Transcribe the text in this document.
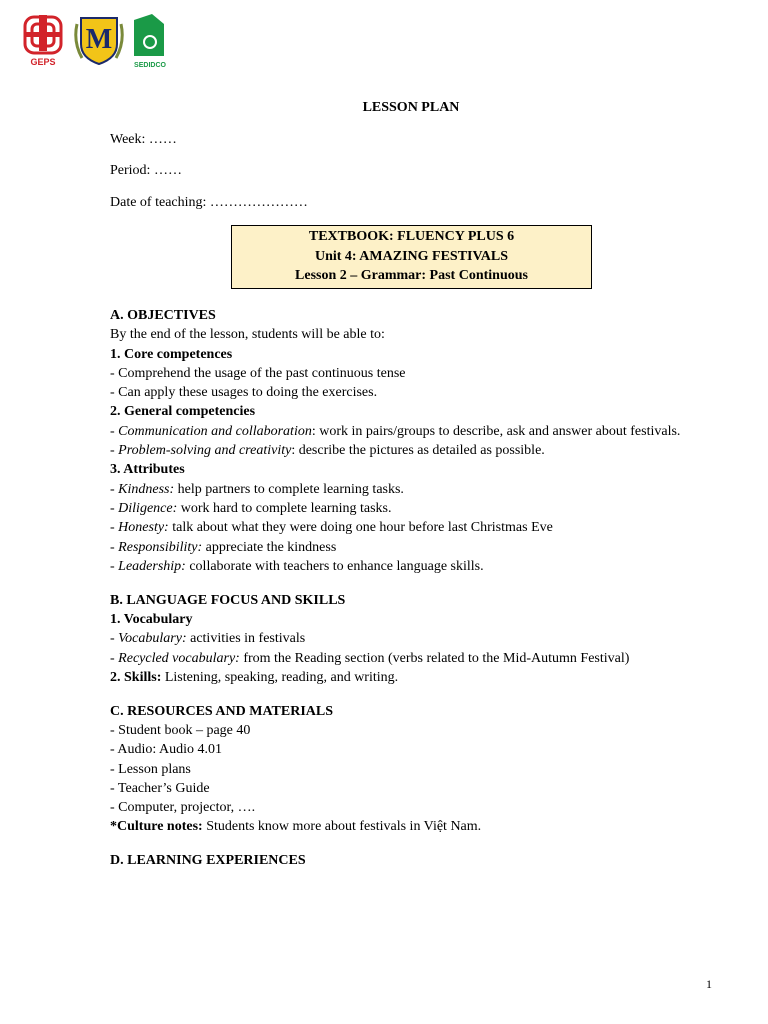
GEPS
M
SEDIDCO
LESSON PLAN
Week: ……
Period: ……
Date of teaching: …………………
TEXTBOOK: FLUENCY PLUS 6
Unit 4: AMAZING FESTIVALS
Lesson 2 – Grammar: Past Continuous

A. OBJECTIVES

By the end of the lesson, students will be able to:

1. Core competences

- Comprehend the usage of the past continuous tense

- Can apply these usages to doing the exercises.

2. General competencies

- Communication and collaboration: work in pairs/groups to describe, ask and answer about festivals.

- Problem-solving and creativity: describe the pictures as detailed as possible.

3. Attributes

- Kindness: help partners to complete learning tasks.

- Diligence: work hard to complete learning tasks.

- Honesty: talk about what they were doing one hour before last Christmas Eve

- Responsibility: appreciate the kindness

- Leadership: collaborate with teachers to enhance language skills.

B. LANGUAGE FOCUS AND SKILLS

1. Vocabulary

- Vocabulary: activities in festivals

- Recycled vocabulary: from the Reading section (verbs related to the Mid-Autumn Festival)

2. Skills: Listening, speaking, reading, and writing.

C. RESOURCES AND MATERIALS

- Student book – page 40

- Audio: Audio 4.01

- Lesson plans

- Teacher’s Guide

- Computer, projector, ….

*Culture notes: Students know more about festivals in Việt Nam.

D. LEARNING EXPERIENCES

1
